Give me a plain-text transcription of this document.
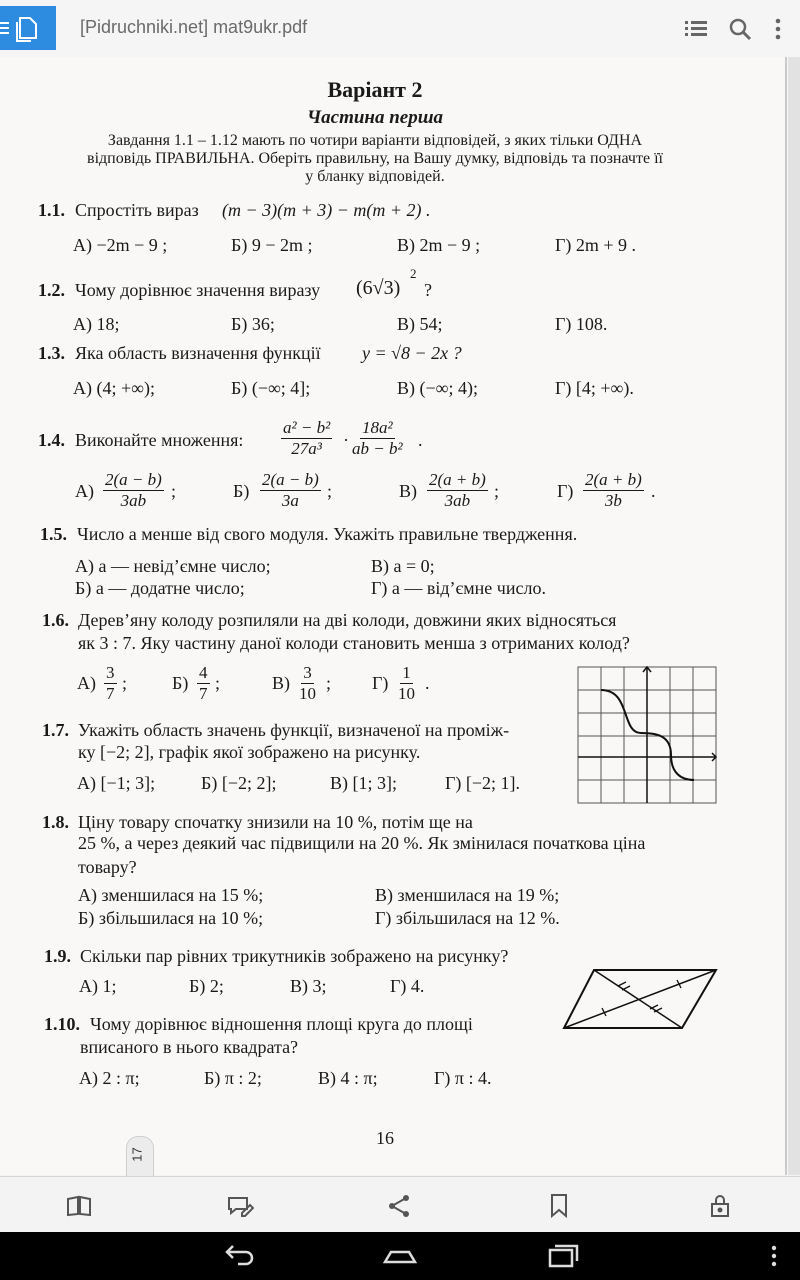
[Pidruchniki.net] mat9ukr.pdf
Варіант 2
Частина перша
Завдання 1.1 – 1.12 мають по чотири варіанти відповідей, з яких тільки ОДНА
відповідь ПРАВИЛЬНА. Оберіть правильну, на Вашу думку, відповідь та позначте її
у бланку відповідей.
1.1. Спростіть вираз (m − 3)(m + 3) − m(m + 2) .
А) −2m − 9 ;	Б) 9 − 2m ;	В) 2m − 9 ;	Г) 2m + 9 .
1.2. Чому дорівнює значення виразу (6√3)
2
?
А) 18;	Б) 36;	В) 54;	Г) 108.
1.3. Яка область визначення функції y = √8 − 2x ?
А) (4; +∞);	Б) (−∞; 4];	В) (−∞; 4);	Г) [4; +∞).
1.4. Виконайте множення: $\frac{\text{a² − b²}}{\text{27a³}} \cdot \frac{\text{18a²}}{\text{ab − b²}}$ .
$А) \frac{2(a - b)}{3ab}$ ;	$Б) \frac{2(a - b)}{3a}$ ;	$В) \frac{2(a + b)}{3ab}$ ;	$Г) \frac{2(a + b)}{3b}$ .
1.5. Число a менше від свого модуля. Укажіть правильне твердження.
А) a — невід’ємне число;	В) a = 0;
Б) a — додатне число;	Г) a — від’ємне число.
1.6. Дерев’яну колоду розпиляли на дві колоди, довжини яких відносяться
як 3 : 7. Яку частину даної колоди становить менша з отриманих колод?
$А) \frac{3}{7}$ ; $Б) \frac{4}{7}$ ;	$В) \frac{3}{10}$ ; $Г) \frac{1}{10}$ .
1.7. Укажіть область значень функції, визначеної на проміж-
ку [−2; 2], графік якої зображено на рисунку.
А) [−1; 3];	Б) [−2; 2];	В) [1; 3];	Г) [−2; 1].
1.8. Ціну товару спочатку знизили на 10 %, потім ще на
25 %, а через деякий час підвищили на 20 %. Як змінилася початкова ціна
товару?
А) зменшилася на 15 %;	В) зменшилася на 19 %;
Б) збільшилася на 10 %;	Г) збільшилася на 12 %.
1.9. Скільки пар рівних трикутників зображено на рисунку?
А) 1;	Б) 2;	В) 3;	Г) 4.
1.10. Чому дорівнює відношення площі круга до площі
вписаного в нього квадрата?
А) 2 : π;	Б) π : 2;	В) 4 : π;	Г) π : 4.
16
17
